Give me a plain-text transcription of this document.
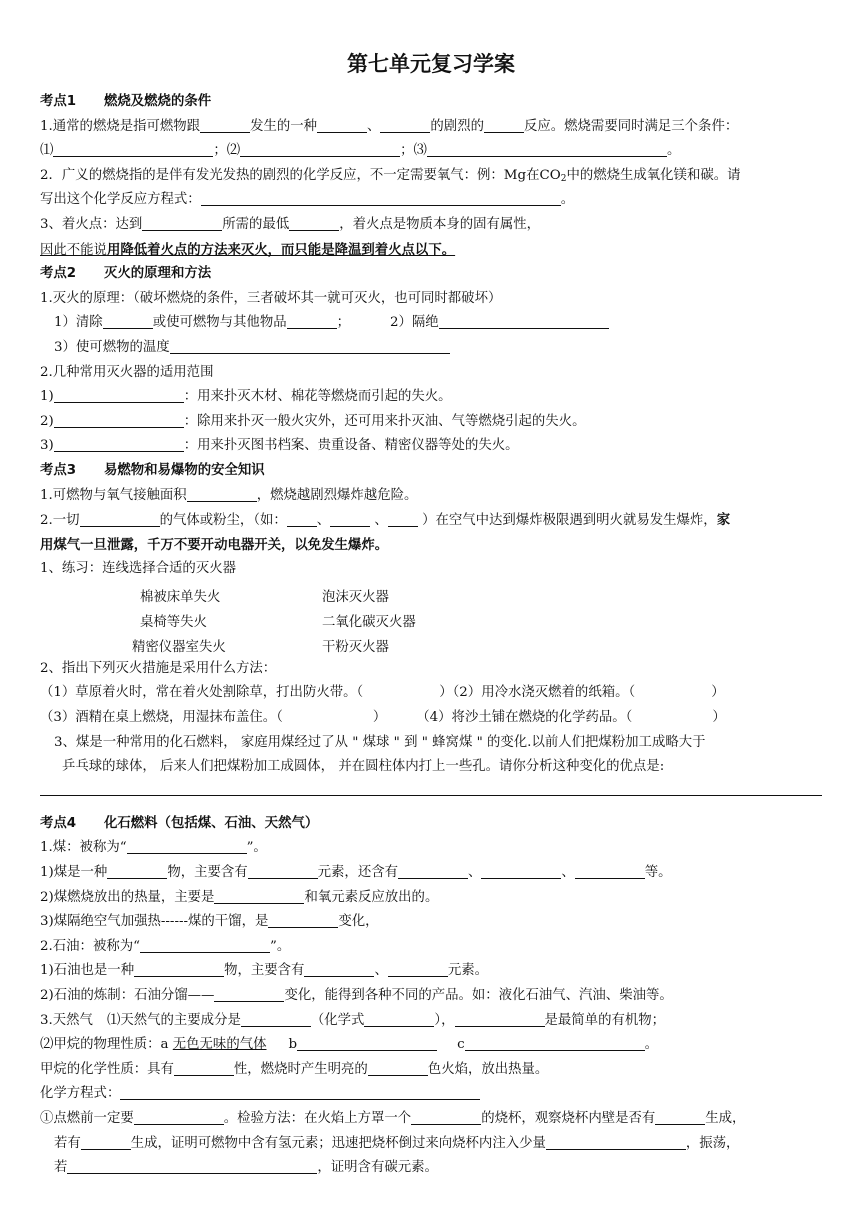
第七单元复习学案
考点1 燃烧及燃烧的条件
1.通常的燃烧是指可燃物跟	发生的一种	、	的剧烈的	反应。燃烧需要同时满足三个条件：
⑴	；⑵	；⑶	。
2．广义的燃烧指的是伴有发光发热的剧烈的化学反应，不一定需要氧气：例：Mg在$CO_2$中的燃烧生成氧化镁和碳。请
写出这个化学反应方程式：	。
3、着火点：达到	所需的最低	，着火点是物质本身的固有属性，
因此不能说用降低着火点的方法来灭火，而只能是降温到着火点以下。
考点2 灭火的原理和方法
1.灭火的原理：（破坏燃烧的条件，三者破坏其一就可灭火，也可同时都破坏）
1）清除	或使可燃物与其他物品	；	2）隔绝
3）使可燃物的温度
2.几种常用灭火器的适用范围
1)	：用来扑灭木材、棉花等燃烧而引起的失火。
2)	：除用来扑灭一般火灾外，还可用来扑灭油、气等燃烧引起的失火。
3)	：用来扑灭图书档案、贵重设备、精密仪器等处的失火。
考点3 易燃物和易爆物的安全知识
1.可燃物与氧气接触面积	，燃烧越剧烈爆炸越危险。
2.一切	的气体或粉尘，（如： 、	、 ）在空气中达到爆炸极限遇到明火就易发生爆炸，家
用煤气一旦泄露，千万不要开动电器开关，以免发生爆炸。
1、练习：连线选择合适的灭火器
棉被床单失火
桌椅等失火
精密仪器室失火
泡沫灭火器
二氧化碳灭火器
干粉灭火器
2、指出下列灭火措施是采用什么方法：
（1）草原着火时，常在着火处割除草，打出防火带。（	）（2）用冷水浇灭燃着的纸箱。（	）
（3）酒精在桌上燃烧，用湿抹布盖住。（	） （4）将沙土铺在燃烧的化学药品。（	）
3、煤是一种常用的化石燃料， 家庭用煤经过了从 " 煤球 " 到 " 蜂窝煤 " 的变化.以前人们把煤粉加工成略大于
乒乓球的球体， 后来人们把煤粉加工成圆体， 并在圆柱体内打上一些孔。请你分析这种变化的优点是:
考点4 化石燃料（包括煤、石油、天然气）
1.煤：被称为“	”。
1)煤是一种	物，主要含有	元素，还含有	、	、	等。
2)煤燃烧放出的热量，主要是	和氧元素反应放出的。
3)煤隔绝空气加强热------煤的干馏，是	变化，
2.石油：被称为“	”。
1)石油也是一种	物，主要含有	、	元素。
2)石油的炼制：石油分馏——	变化，能得到各种不同的产品。如：液化石油气、汽油、柴油等。
3.天然气 ⑴天然气的主要成分是	（化学式	），	是最简单的有机物；
⑵甲烷的物理性质：a 无色无味的气体 b	c	。
甲烷的化学性质：具有	性，燃烧时产生明亮的	色火焰，放出热量。
化学方程式：
①点燃前一定要	。检验方法：在火焰上方罩一个	的烧杯，观察烧杯内壁是否有	生成，
若有	生成，证明可燃物中含有氢元素；迅速把烧杯倒过来向烧杯内注入少量	，振荡，
若	，证明含有碳元素。
